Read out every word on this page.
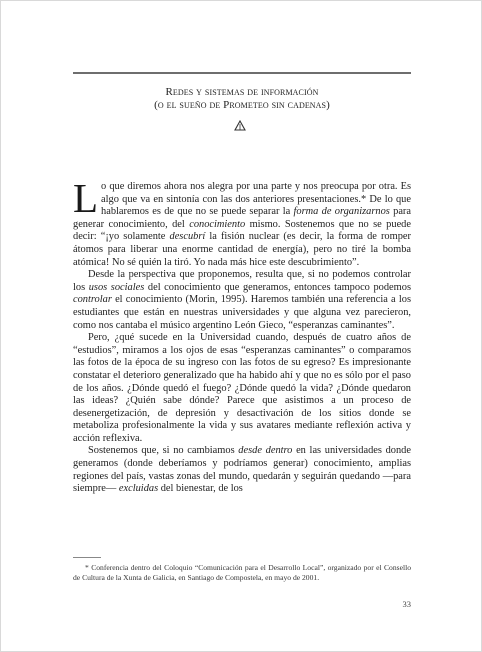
Redes y sistemas de información
(o el sueño de Prometeo sin cadenas)

Lo que diremos ahora nos alegra por una parte y nos preocupa por otra. Es algo que va en sintonía con las dos anteriores presentaciones.* De lo que hablaremos es de que no se puede separar la forma de organizarnos para generar conocimiento, del conocimiento mismo. Sostenemos que no se puede decir: “¡yo solamente descubrí la fisión nuclear (es decir, la forma de romper átomos para liberar una enorme cantidad de energía), pero no tiré la bomba atómica! No sé quién la tiró. Yo nada más hice este descubrimiento”.

Desde la perspectiva que proponemos, resulta que, si no podemos controlar los usos sociales del conocimiento que generamos, entonces tampoco podemos controlar el conocimiento (Morin, 1995). Haremos también una referencia a los estudiantes que están en nuestras universidades y que alguna vez parecieron, como nos cantaba el músico argentino León Gieco, “esperanzas caminantes”.

Pero, ¿qué sucede en la Universidad cuando, después de cuatro años de “estudios”, miramos a los ojos de esas “esperanzas caminantes” o comparamos las fotos de la época de su ingreso con las fotos de su egreso? Es impresionante constatar el deterioro generalizado que ha habido ahí y que no es sólo por el paso de los años. ¿Dónde quedó el fuego? ¿Dónde quedó la vida? ¿Dónde quedaron las ideas? ¿Quién sabe dónde? Parece que asistimos a un proceso de desenergetización, de depresión y desactivación de los sitios donde se metaboliza profesionalmente la vida y sus avatares mediante reflexión activa y acción reflexiva.

Sostenemos que, si no cambiamos desde dentro en las universidades donde generamos (donde deberíamos y podríamos generar) conocimiento, amplias regiones del país, vastas zonas del mundo, quedarán y seguirán quedando —para siempre— excluidas del bienestar, de los

* Conferencia dentro del Coloquio “Comunicación para el Desarrollo Local”, organizado por el Consello de Cultura de la Xunta de Galicia, en Santiago de Compostela, en mayo de 2001.

33
